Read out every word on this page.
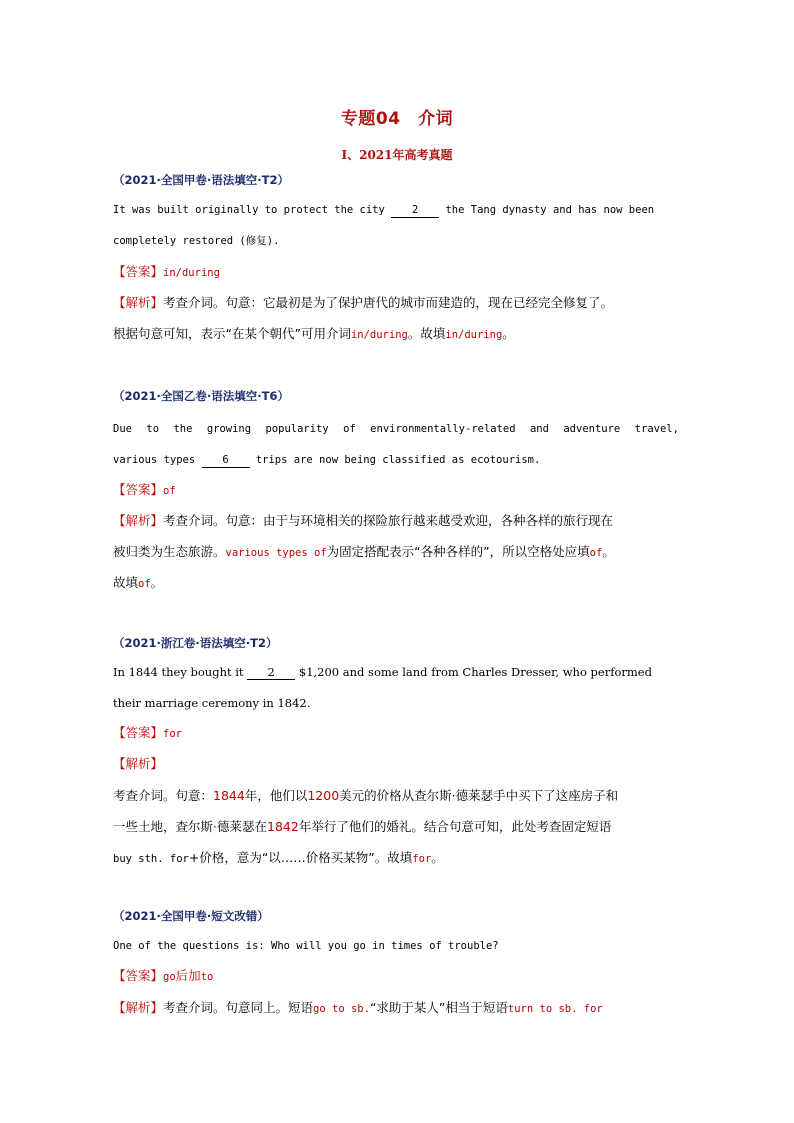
专题04　介词
I、2021年高考真题
（2021·全国甲卷·语法填空·T2）
It was built originally to protect the city	2	the Tang dynasty and has now been
completely restored (修复).
【答案】in/during
【解析】考查介词。句意：它最初是为了保护唐代的城市而建造的，现在已经完全修复了。
根据句意可知，表示“在某个朝代”可用介词in/during。故填in/during。
（2021·全国乙卷·语法填空·T6）
Due to the growing popularity of environmentally-related and adventure travel,
various types	6	trips are now being classified as ecotourism.
【答案】of
【解析】考查介词。句意：由于与环境相关的探险旅行越来越受欢迎，各种各样的旅行现在
被归类为生态旅游。various types of为固定搭配表示“各种各样的”，所以空格处应填of。
故填of。
（2021·浙江卷·语法填空·T2）
In 1844 they bought it 2 $1,200 and some land from Charles Dresser, who performed
their marriage ceremony in 1842.
【答案】for
【解析】
考查介词。句意：1844年，他们以1200美元的价格从查尔斯·德莱瑟手中买下了这座房子和
一些土地，查尔斯·德莱瑟在1842年举行了他们的婚礼。结合句意可知，此处考查固定短语
buy sth. for+价格，意为“以……价格买某物”。故填for。
（2021·全国甲卷·短文改错）
One of the questions is: Who will you go in times of trouble?
【答案】go后加to
【解析】考查介词。句意同上。短语go to sb.“求助于某人”相当于短语turn to sb. for
